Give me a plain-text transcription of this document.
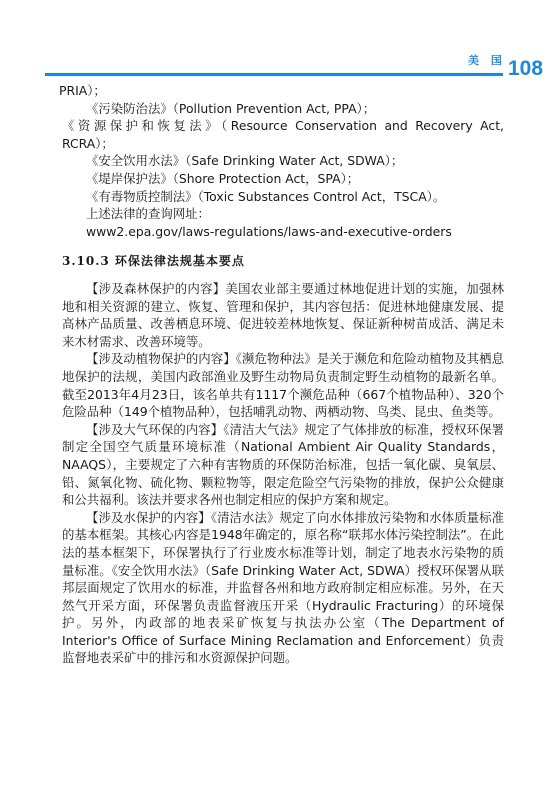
美 国 108

PRIA）；

《污染防治法》（Pollution Prevention Act, PPA）；

《资源保护和恢复法》（Resource Conservation and Recovery Act, RCRA）；

《安全饮用水法》（Safe Drinking Water Act, SDWA）；

《堤岸保护法》（Shore Protection Act，SPA）；

《有毒物质控制法》（Toxic Substances Control Act，TSCA）。

上述法律的查询网址：

www2.epa.gov/laws-regulations/laws-and-executive-orders

3.10.3 环保法律法规基本要点

【涉及森林保护的内容】美国农业部主要通过林地促进计划的实施，加强林地和相关资源的建立、恢复、管理和保护，其内容包括：促进林地健康发展、提高林产品质量、改善栖息环境、促进较差林地恢复、保证新种树苗成活、满足未来木材需求、改善环境等。

【涉及动植物保护的内容】《濒危物种法》是关于濒危和危险动植物及其栖息地保护的法规，美国内政部渔业及野生动物局负责制定野生动植物的最新名单。截至2013年4月23日，该名单共有1117个濒危品种（667个植物品种）、320个危险品种（149个植物品种），包括哺乳动物、两栖动物、鸟类、昆虫、鱼类等。

【涉及大气环保的内容】《清洁大气法》规定了气体排放的标准，授权环保署制定全国空气质量环境标准（National Ambient Air Quality Standards，NAAQS），主要规定了六种有害物质的环保防治标准，包括一氧化碳、臭氧层、铅、氮氧化物、硫化物、颗粒物等，限定危险空气污染物的排放，保护公众健康和公共福利。该法并要求各州也制定相应的保护方案和规定。

【涉及水保护的内容】《清洁水法》规定了向水体排放污染物和水体质量标准的基本框架。其核心内容是1948年确定的，原名称“联邦水体污染控制法”。在此法的基本框架下，环保署执行了行业废水标准等计划，制定了地表水污染物的质量标准。《安全饮用水法》（Safe Drinking Water Act, SDWA）授权环保署从联邦层面规定了饮用水的标准，并监督各州和地方政府制定相应标准。另外，在天然气开采方面，环保署负责监督液压开采（Hydraulic Fracturing）的环境保护。另外，内政部的地表采矿恢复与执法办公室（The Department of Interior's Office of Surface Mining Reclamation and Enforcement）负责监督地表采矿中的排污和水资源保护问题。
